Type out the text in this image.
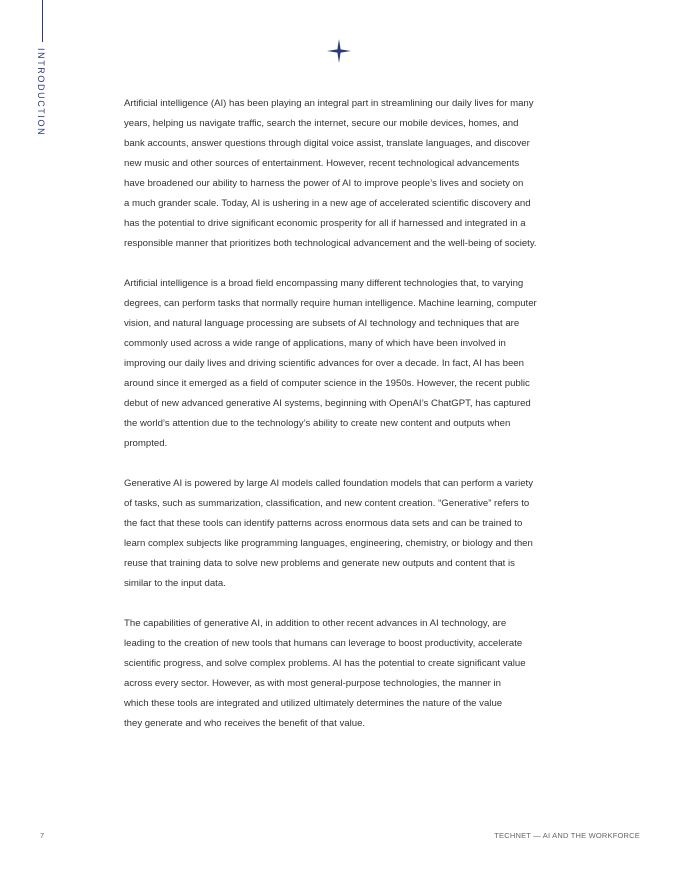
INTRODUCTION	Artificial intelligence (AI) has been playing an integral part in streamlining our daily lives for many
years, helping us navigate traffic, search the internet, secure our mobile devices, homes, and
bank accounts, answer questions through digital voice assist, translate languages, and discover
new music and other sources of entertainment. However, recent technological advancements
have broadened our ability to harness the power of AI to improve people’s lives and society on
a much grander scale. Today, AI is ushering in a new age of accelerated scientific discovery and
has the potential to drive significant economic prosperity for all if harnessed and integrated in a
responsible manner that prioritizes both technological advancement and the well-being of society.

Artificial intelligence is a broad field encompassing many different technologies that, to varying
degrees, can perform tasks that normally require human intelligence. Machine learning, computer
vision, and natural language processing are subsets of AI technology and techniques that are
commonly used across a wide range of applications, many of which have been involved in
improving our daily lives and driving scientific advances for over a decade. In fact, AI has been
around since it emerged as a field of computer science in the 1950s. However, the recent public
debut of new advanced generative AI systems, beginning with OpenAI’s ChatGPT, has captured
the world’s attention due to the technology’s ability to create new content and outputs when
prompted.

Generative AI is powered by large AI models called foundation models that can perform a variety
of tasks, such as summarization, classification, and new content creation. “Generative” refers to
the fact that these tools can identify patterns across enormous data sets and can be trained to
learn complex subjects like programming languages, engineering, chemistry, or biology and then
reuse that training data to solve new problems and generate new outputs and content that is
similar to the input data.

The capabilities of generative AI, in addition to other recent advances in AI technology, are
leading to the creation of new tools that humans can leverage to boost productivity, accelerate
scientific progress, and solve complex problems. AI has the potential to create significant value
across every sector. However, as with most general-purpose technologies, the manner in
which these tools are integrated and utilized ultimately determines the nature of the value
they generate and who receives the benefit of that value.

7	TECHNET — AI AND THE WORKFORCE
